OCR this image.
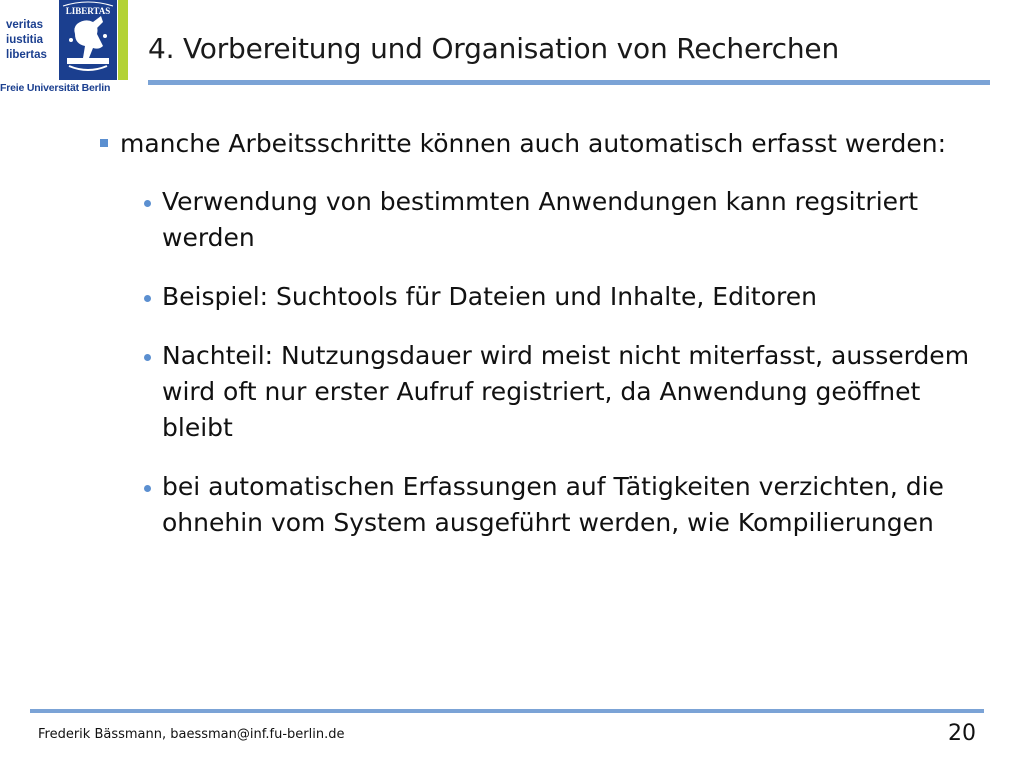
veritas
iustitia
libertas
LIBERTAS
Freie Universität Berlin
4. Vorbereitung und Organisation von Recherchen
manche Arbeitsschritte können auch automatisch erfasst werden:
Verwendung von bestimmten Anwendungen kann regsitriert werden
Beispiel: Suchtools für Dateien und Inhalte, Editoren
Nachteil: Nutzungsdauer wird meist nicht miterfasst, ausserdem wird oft nur erster Aufruf registriert, da Anwendung geöffnet bleibt
bei automatischen Erfassungen auf Tätigkeiten verzichten, die ohnehin vom System ausgeführt werden, wie Kompilierungen
Frederik Bässmann, baessman@inf.fu-berlin.de	20
